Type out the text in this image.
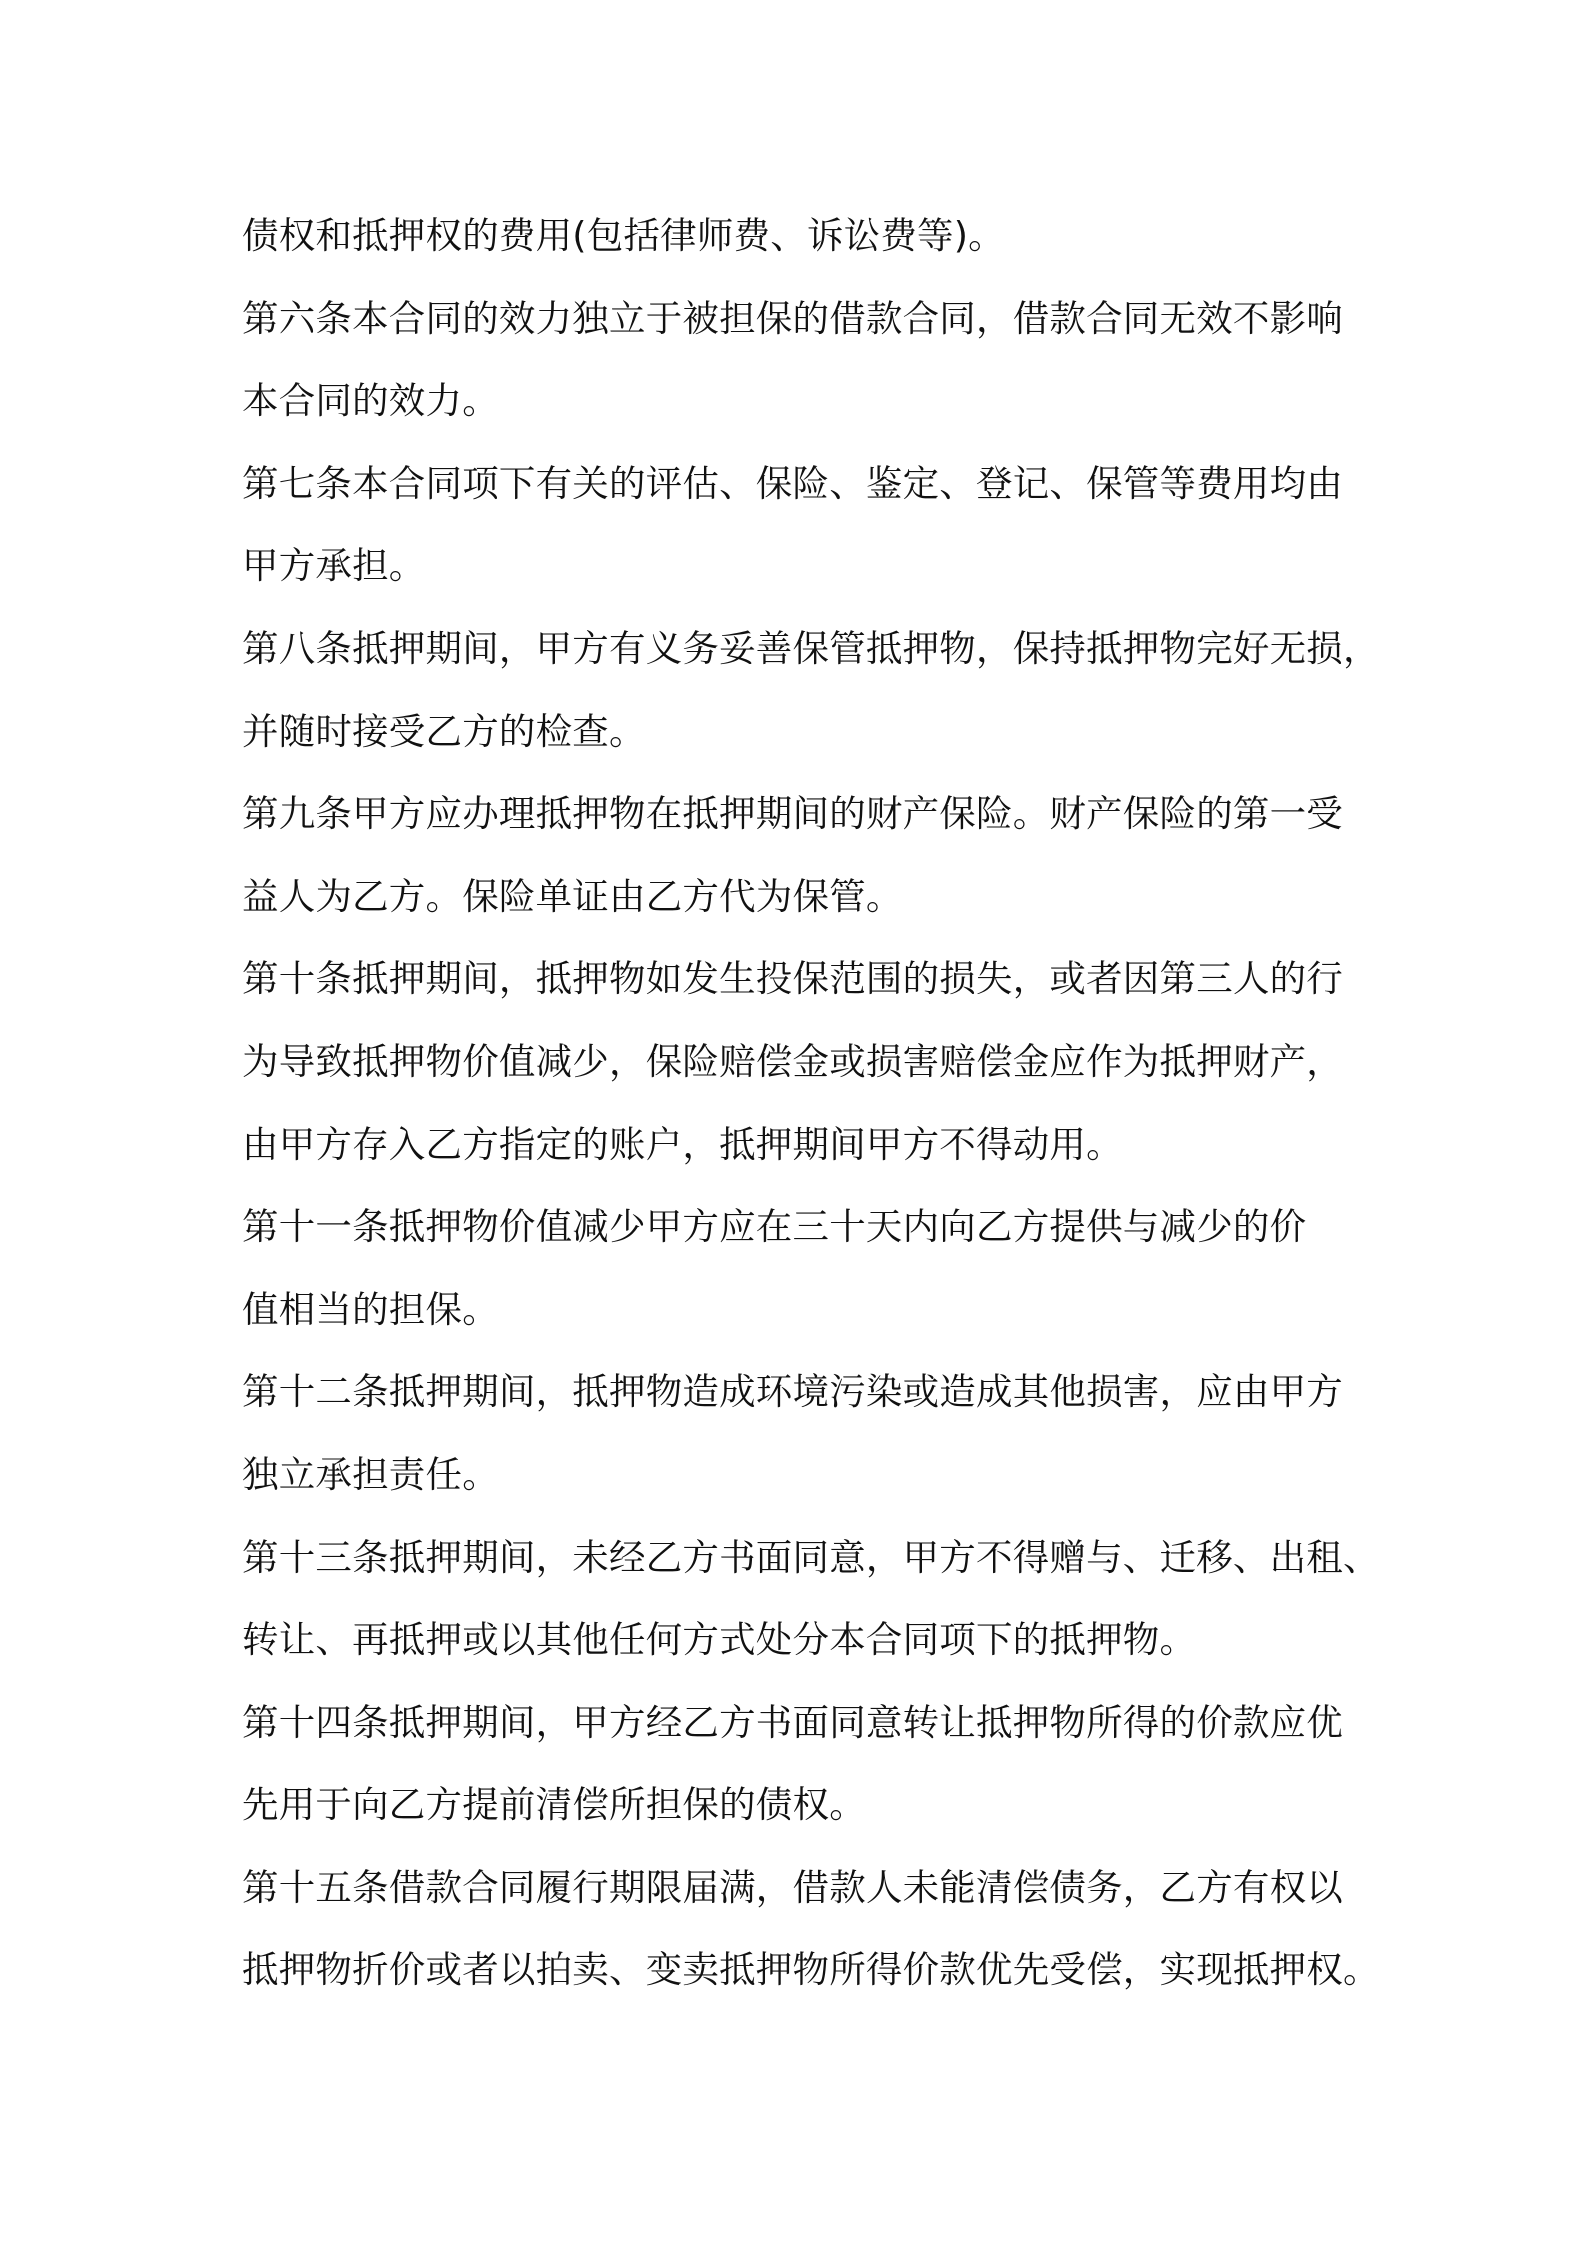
债权和抵押权的费用(包括律师费、诉讼费等)。
第六条本合同的效力独立于被担保的借款合同，借款合同无效不影响
本合同的效力。
第七条本合同项下有关的评估、保险、鉴定、登记、保管等费用均由
甲方承担。
第八条抵押期间，甲方有义务妥善保管抵押物，保持抵押物完好无损，
并随时接受乙方的检查。
第九条甲方应办理抵押物在抵押期间的财产保险。财产保险的第一受
益人为乙方。保险单证由乙方代为保管。
第十条抵押期间，抵押物如发生投保范围的损失，或者因第三人的行
为导致抵押物价值减少，保险赔偿金或损害赔偿金应作为抵押财产，
由甲方存入乙方指定的账户，抵押期间甲方不得动用。
第十一条抵押物价值减少甲方应在三十天内向乙方提供与减少的价
值相当的担保。
第十二条抵押期间，抵押物造成环境污染或造成其他损害，应由甲方
独立承担责任。
第十三条抵押期间，未经乙方书面同意，甲方不得赠与、迁移、出租、
转让、再抵押或以其他任何方式处分本合同项下的抵押物。
第十四条抵押期间，甲方经乙方书面同意转让抵押物所得的价款应优
先用于向乙方提前清偿所担保的债权。
第十五条借款合同履行期限届满，借款人未能清偿债务，乙方有权以
抵押物折价或者以拍卖、变卖抵押物所得价款优先受偿，实现抵押权。
